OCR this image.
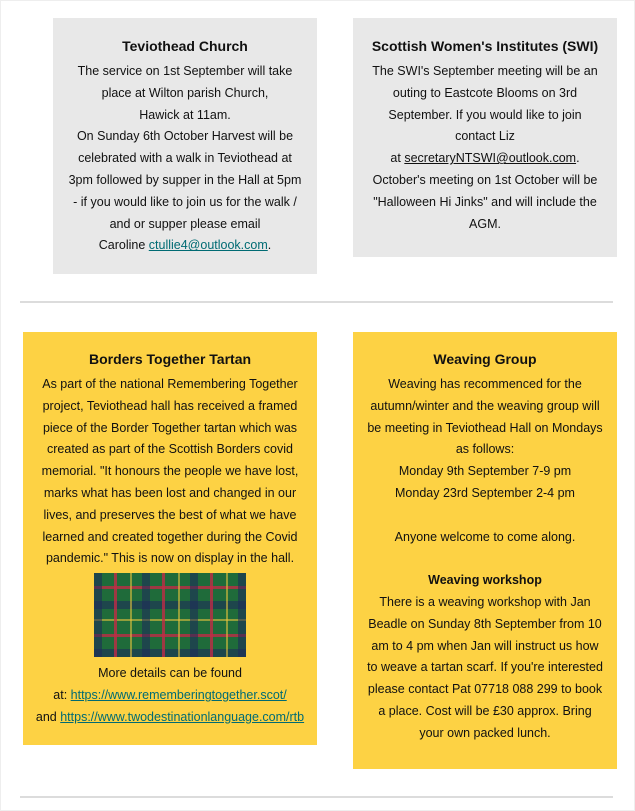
Teviothead Church

The service on 1st September will take

place at Wilton parish Church,

Hawick at 11am.

On Sunday 6th October Harvest will be

celebrated with a walk in Teviothead at

3pm followed by supper in the Hall at 5pm

- if you would like to join us for the walk /

and or supper please email

Caroline ctullie4@outlook.com.

Scottish Women's Institutes (SWI)

The SWI's September meeting will be an

outing to Eastcote Blooms on 3rd

September. If you would like to join

contact Liz

at secretaryNTSWI@outlook.com.

October's meeting on 1st October will be

"Halloween Hi Jinks" and will include the

AGM.

Borders Together Tartan

As part of the national Remembering Together

project, Teviothead hall has received a framed

piece of the Border Together tartan which was

created as part of the Scottish Borders covid

memorial. "It honours the people we have lost,

marks what has been lost and changed in our

lives, and preserves the best of what we have

learned and created together during the Covid

pandemic." This is now on display in the hall.

More details can be found

at: https://www.rememberingtogether.scot/

and https://www.twodestinationlanguage.com/rtb

Weaving Group

Weaving has recommenced for the

autumn/winter and the weaving group will

be meeting in Teviothead Hall on Mondays

as follows:

Monday 9th September 7-9 pm

Monday 23rd September 2-4 pm

Anyone welcome to come along.

Weaving workshop

There is a weaving workshop with Jan

Beadle on Sunday 8th September from 10

am to 4 pm when Jan will instruct us how

to weave a tartan scarf. If you're interested

please contact Pat 07718 088 299 to book

a place. Cost will be £30 approx. Bring

your own packed lunch.
